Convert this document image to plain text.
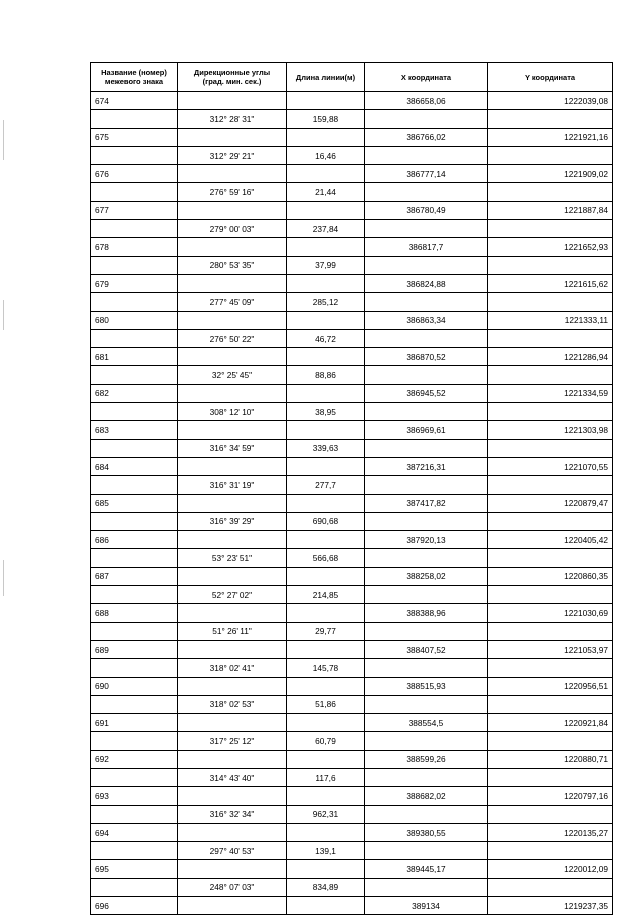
Название (номер)
межевого знака	Дирекционные углы
(град. мин. сек.)	Длина линии(м)	X координата	Y координата
674			386658,06	1222039,08
	312° 28' 31"	159,88		
675			386766,02	1221921,16
	312° 29' 21"	16,46		
676			386777,14	1221909,02
	276° 59' 16"	21,44		
677			386780,49	1221887,84
	279° 00' 03"	237,84		
678			386817,7	1221652,93
	280° 53' 35"	37,99		
679			386824,88	1221615,62
	277° 45' 09"	285,12		
680			386863,34	1221333,11
	276° 50' 22"	46,72		
681			386870,52	1221286,94
	32° 25' 45"	88,86		
682			386945,52	1221334,59
	308° 12' 10"	38,95		
683			386969,61	1221303,98
	316° 34' 59"	339,63		
684			387216,31	1221070,55
	316° 31' 19"	277,7		
685			387417,82	1220879,47
	316° 39' 29"	690,68		
686			387920,13	1220405,42
	53° 23' 51"	566,68		
687			388258,02	1220860,35
	52° 27' 02"	214,85		
688			388388,96	1221030,69
	51° 26' 11"	29,77		
689			388407,52	1221053,97
	318° 02' 41"	145,78		
690			388515,93	1220956,51
	318° 02' 53"	51,86		
691			388554,5	1220921,84
	317° 25' 12"	60,79		
692			388599,26	1220880,71
	314° 43' 40"	117,6		
693			388682,02	1220797,16
	316° 32' 34"	962,31		
694			389380,55	1220135,27
	297° 40' 53"	139,1		
695			389445,17	1220012,09
	248° 07' 03"	834,89		
696			389134	1219237,35
